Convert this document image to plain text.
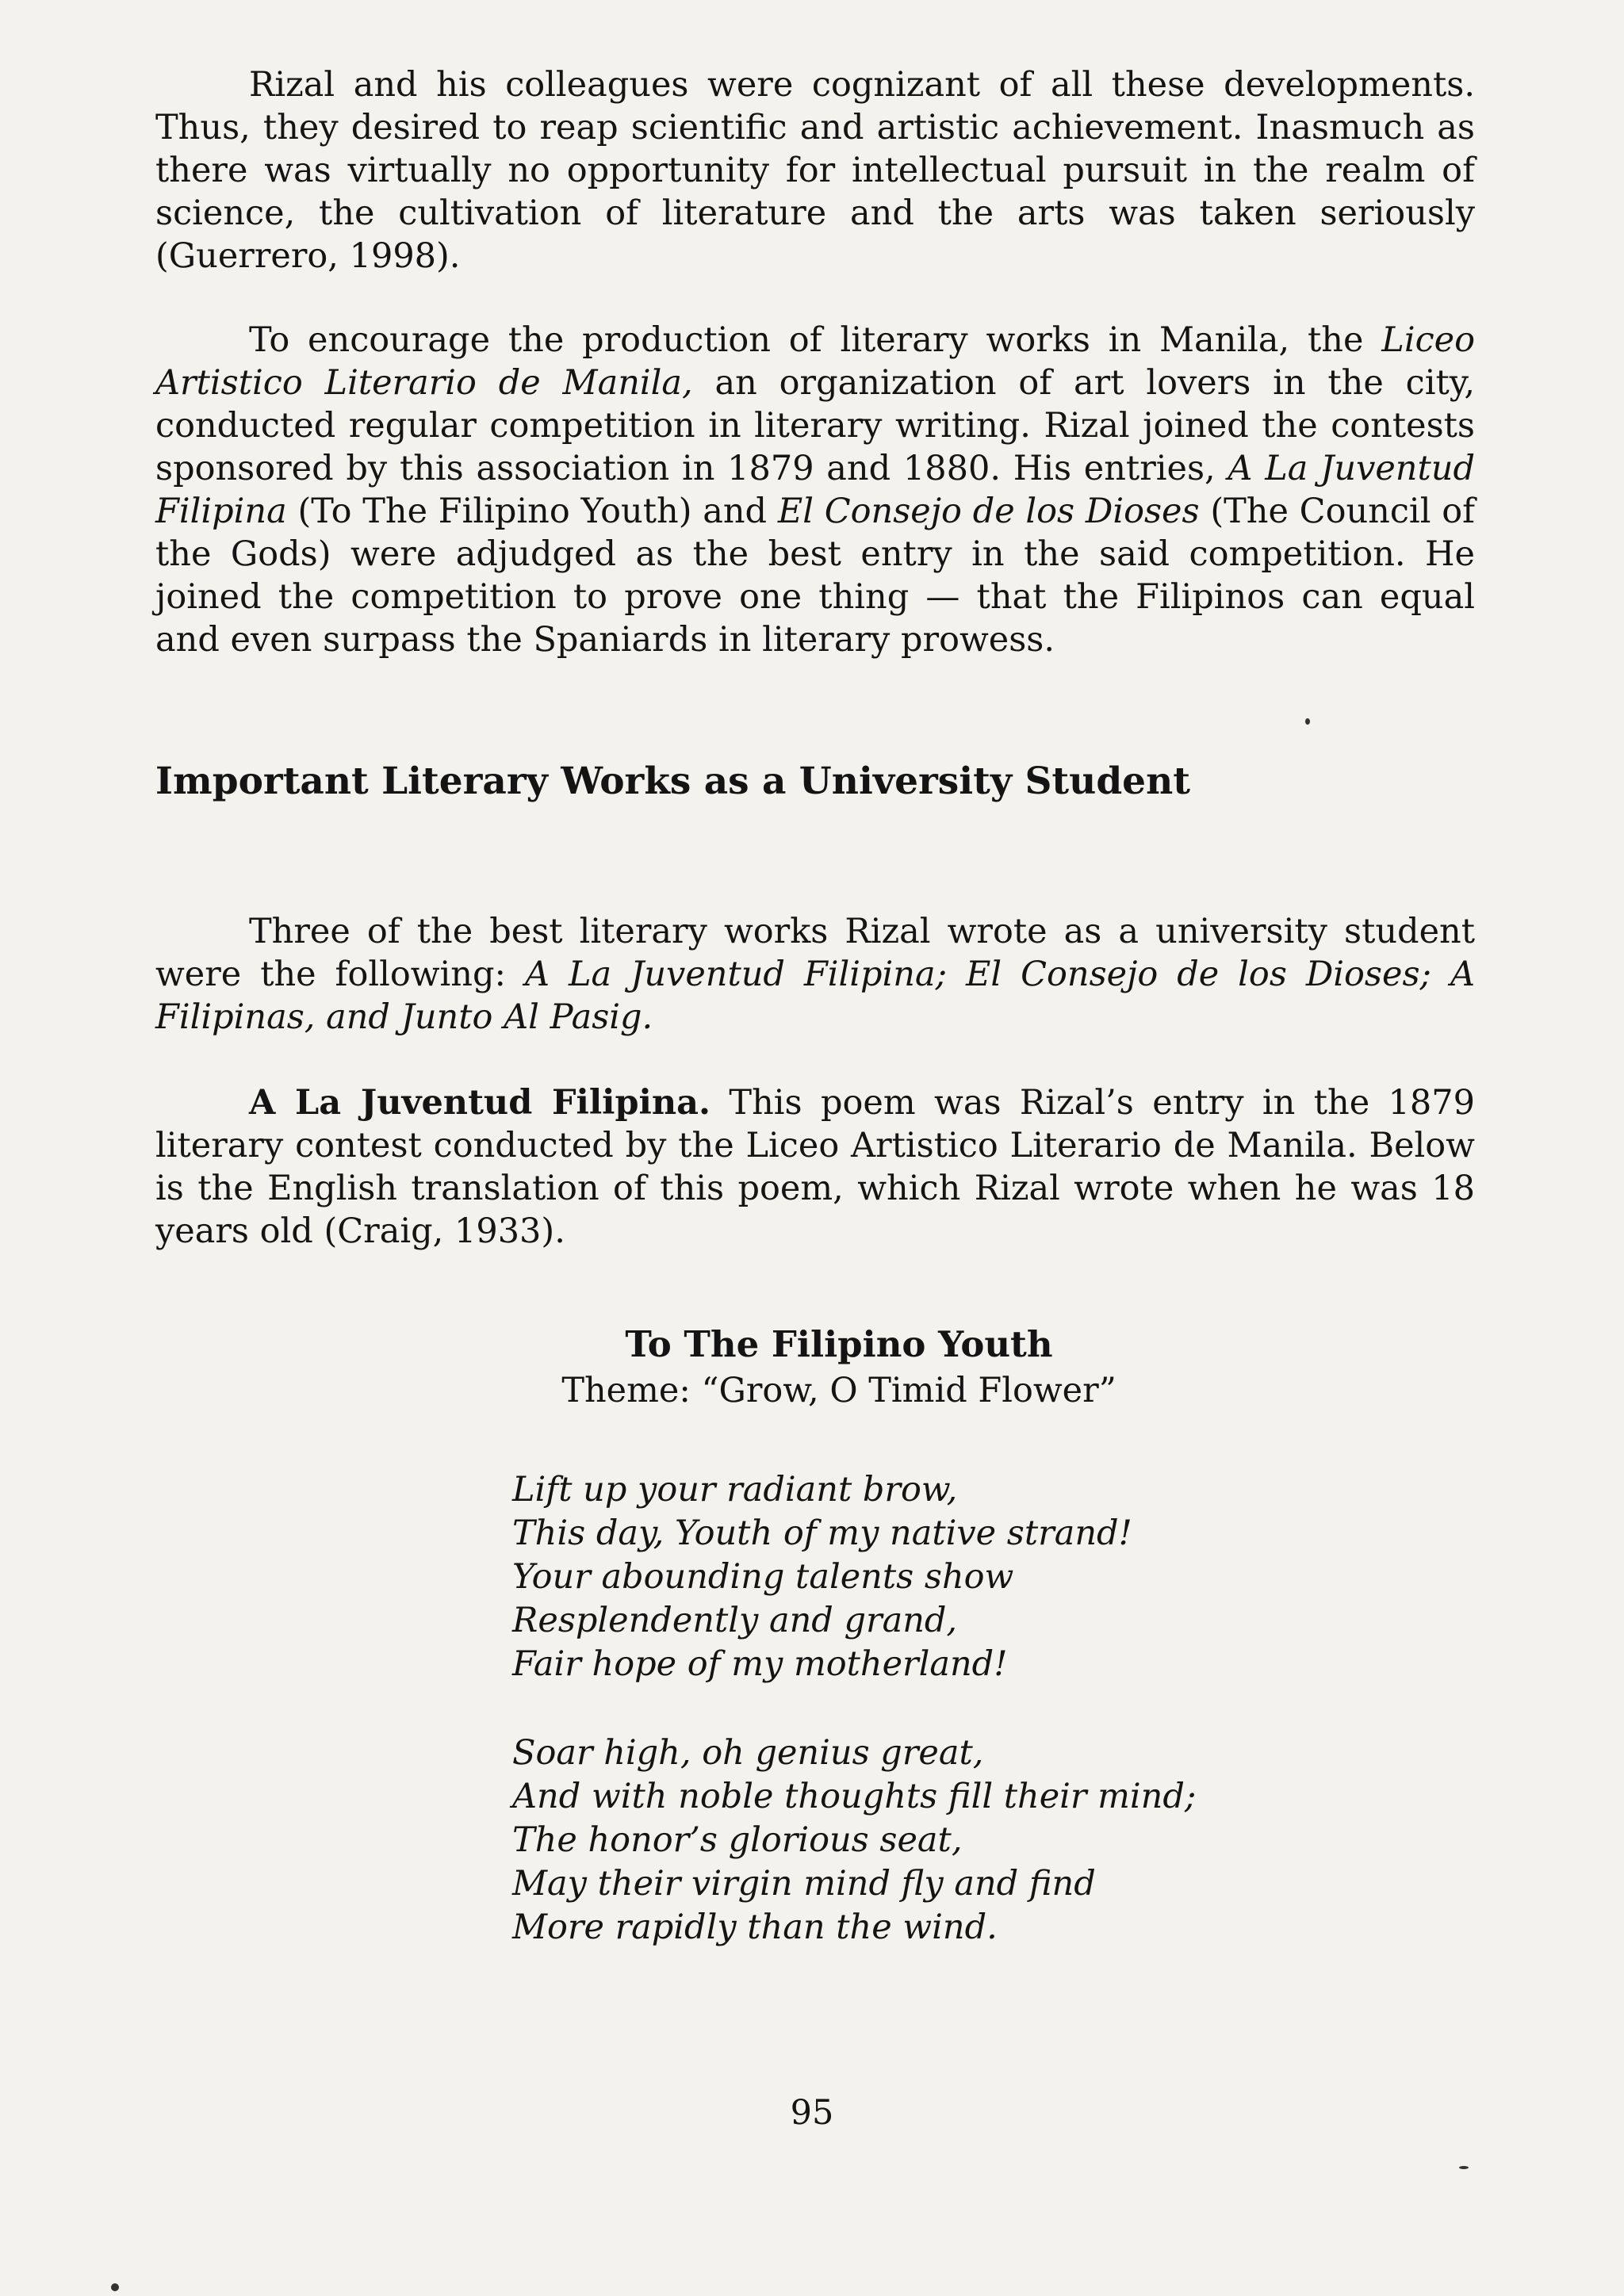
Rizal and his colleagues were cognizant of all these developments. Thus, they desired to reap scientific and artistic achievement. Inasmuch as there was virtually no opportunity for intellectual pursuit in the realm of science, the cultivation of literature and the arts was taken seriously (Guerrero, 1998).

To encourage the production of literary works in Manila, the Liceo Artistico Literario de Manila, an organization of art lovers in the city, conducted regular competition in literary writing. Rizal joined the contests sponsored by this association in 1879 and 1880. His entries, A La Juventud Filipina (To The Filipino Youth) and El Consejo de los Dioses (The Council of the Gods) were adjudged as the best entry in the said competition. He joined the competition to prove one thing — that the Filipinos can equal and even surpass the Spaniards in literary prowess.

Important Literary Works as a University Student

Three of the best literary works Rizal wrote as a university student were the following: A La Juventud Filipina; El Consejo de los Dioses; A Filipinas, and Junto Al Pasig.

A La Juventud Filipina. This poem was Rizal’s entry in the 1879 literary contest conducted by the Liceo Artistico Literario de Manila. Below is the English translation of this poem, which Rizal wrote when he was 18 years old (Craig, 1933).

To The Filipino Youth
Theme: “Grow, O Timid Flower”
Lift up your radiant brow,
This day, Youth of my native strand!
Your abounding talents show
Resplendently and grand,
Fair hope of my motherland!
Soar high, oh genius great,
And with noble thoughts fill their mind;
The honor’s glorious seat,
May their virgin mind fly and find
More rapidly than the wind.
95
